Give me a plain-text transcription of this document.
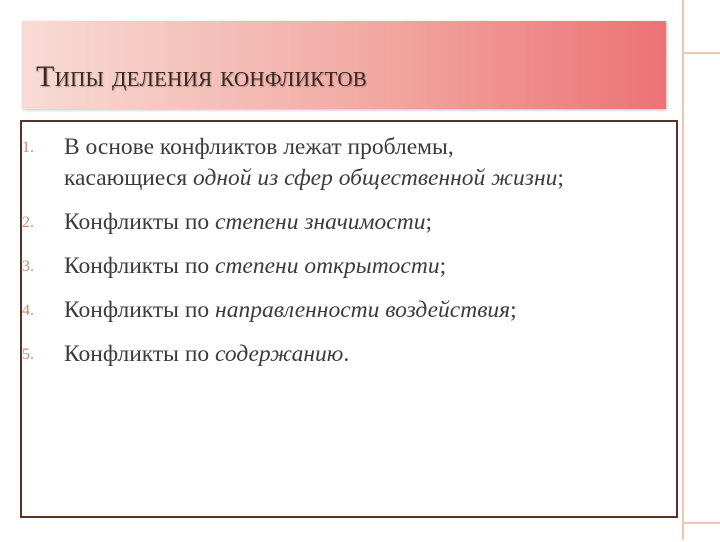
Типы деления конфликтов
1.	В основе конфликтов лежат проблемы,
касающиеся одной из сфер общественной жизни;
2.	Конфликты по степени значимости;
3.	Конфликты по степени открытости;
4.	Конфликты по направленности воздействия;
5.	Конфликты по содержанию.
